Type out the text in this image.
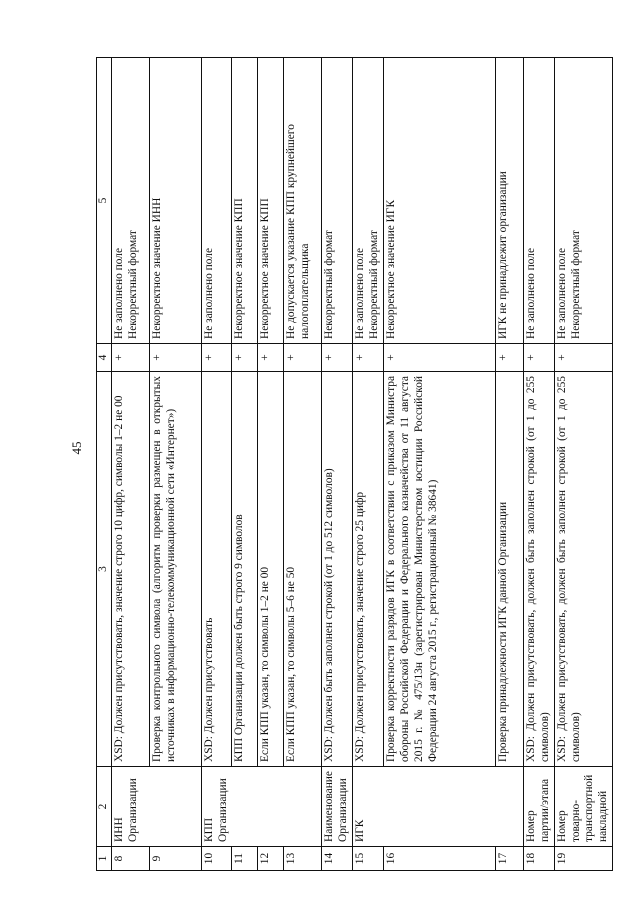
45
1	2	3	4	5
8	ИНН Организации	XSD: Должен присутствовать, значение строго 10 цифр, символы 1–2 не 00	+	Не заполнено поле Некорректный формат
9		Проверка контрольного символа (алгоритм проверки размещен в открытых источниках в информационно-телекоммуникационной сети «Интернет»)	+	Некорректное значение ИНН
10	КПП Организации	XSD: Должен присутствовать	+	Не заполнено поле
11		КПП Организации должен быть строго 9 символов	+	Некорректное значение КПП
12		Если КПП указан, то символы 1–2 не 00	+	Некорректное значение КПП
13		Если КПП указан, то символы 5–6 не 50	+	Не допускается указание КПП крупнейшего налогоплательщика
14	Наименование Организации	XSD: Должен быть заполнен строкой (от 1 до 512 символов)	+	Некорректный формат
15	ИГК	XSD: Должен присутствовать, значение строго 25 цифр	+	Не заполнено поле Некорректный формат
16		Проверка корректности разрядов ИГК в соответствии с приказом Министра обороны Российской Федерации и Федерального казначейства от 11 августа 2015 г. № 475/13н (зарегистрирован Министерством юстиции Российской Федерации 24 августа 2015 г., регистрационный № 38641)	+	Некорректное значение ИГК
17		Проверка принадлежности ИГК данной Организации	+	ИГК не принадлежит организации
18	Номер партии/этапа	XSD: Должен присутствовать, должен быть заполнен строкой (от 1 до 255 символов)	+	Не заполнено поле
19	Номер товарно-транспортной накладной	XSD: Должен присутствовать, должен быть заполнен строкой (от 1 до 255 символов)	+	Не заполнено поле Некорректный формат
